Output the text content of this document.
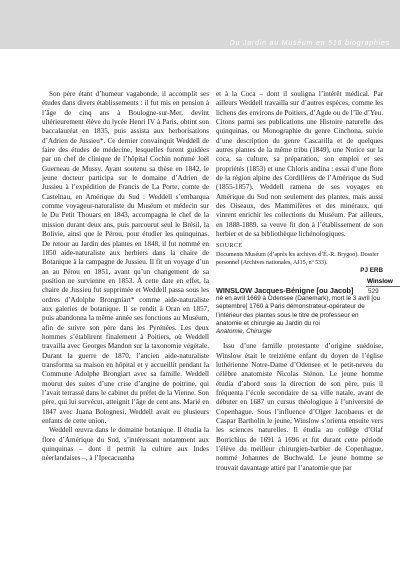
Du Jardin au Muséum en 516 biographies

Son père étant d’humeur vagabonde, il accomplit ses études dans divers établissements : il fut mis en pension à l’âge de cinq ans à Boulogne-sur-Mer, devint ultérieurement élève du lycée Henri IV à Paris, obtint son baccalauréat en 1835, puis assista aux herborisations d’Adrien de Jussieu*. Ce dernier convainquit Weddell de faire des études de médecine, lesquelles furent guidées par un chef de clinique de l’hôpital Cochin nommé Joël Guerneau de Mussy. Ayant soutenu sa thèse en 1842, le jeune docteur participa sur le domaine d’Adrien de Jussieu à l’expédition de Francis de La Porte, comte de Castelnau, en Amérique du Sud : Weddell s’embarqua comme voyageur-naturaliste du Muséum et médecin sur le Du Petit Thouars en 1843, accompagna le chef de la mission durant deux ans, puis parcourut seul le Brésil, la Bolivie, ainsi que le Pérou, pour étudier les quinquinas. De retour au Jardin des plantes en 1848, il fut nommé en 1850 aide-naturaliste aux herbiers dans la chaire de Botanique à la campagne de Jussieu. Il fit un voyage d’un an au Pérou en 1851, avant qu’un changement de sa position ne survienne en 1853. À cette date en effet, la chaire de Jussieu fut supprimée et Weddell passa sous les ordres d’Adolphe Brongniart* comme aide-naturaliste aux galeries de botanique. Il se rendit à Oran en 1857, puis abandonna la même année ses fonctions au Muséum, afin de suivre son père dans les Pyrénées. Les deux hommes s’établirent finalement à Poitiers, où Weddell travailla avec Georges Mandon sur la taxonomie végétale. Durant la guerre de 1870, l’ancien aide-naturaliste transforma sa maison en hôpital et y accueillit pendant la Commune Adolphe Brongiart avec sa famille. Weddell mourut des suites d’une crise d’angine de poitrine, qui l’avait terrassé dans le cabinet du préfet de la Vienne. Son père, qui lui survécut, atteignit l’âge de cent ans. Marié en 1847 avec Juana Bolognesi, Weddell avait eu plusieurs enfants de cette union.

Weddell œuvra dans le domaine botanique. Il étudia la flore d’Amérique du Sud, s’intéressant notamment aux quinquinas – dont il permit la culture aux Indes néerlandaises –, à l’Ipecacuanha

et à la Coca – dont il souligna l’intérêt médical. Par ailleurs Weddell travailla sur d’autres espèces, comme les lichens des environs de Poitiers, d’Agde ou de l’île d’Yeu. Citons parmi ses publications une Histoire naturelle des quinquinas, ou Monographie du genre Cinchona, suivie d’une description du genre Cascarilla et de quelques autres plantes de la même tribu (1849), une Notice sur la coca, sa culture, sa préparation, son emploi et ses propriétés (1853) et une Chloris andina : essai d’une flore de la région alpine des Cordillères de l’Amérique du Sud (1855-1857). Weddell ramena de ses voyages en Amérique du Sud non seulement des plantes, mais aussi des Oiseaux, des Mammifères et des minéraux, qui vinrent enrichir les collections du Muséum. Par ailleurs, en 1888-1889, sa veuve fit don à l’établissement de son herbier et de sa bibliothèque lichénologiques.

SOURCE
Documents Muséum (d’après les archives d’É.-R. Brygoo). Dossier personnel (Archives nationales, AJ15, nº 533).
PJ ERB
WINSLOW Jacques-Bénigne [ou Jacob]
né en avril 1669 à Odensee (Danemark), mort le 3 avril [ou septembre] 1760 à Paris démonstrateur-opérateur de l’intérieur des plantes sous le titre de professeur en anatomie et chirurgie au Jardin du roi
Anatomie, Chirurgie

Issu d’une famille protestante d’origine suédoise, Winslow était le treizième enfant du doyen de l’église luthérienne Notre-Dame d’Odensee et le petit-neveu du célèbre anatomiste Nicolas Sténon. Le jeune homme étudia d’abord sous la direction de son père, puis il fréquenta l’école secondaire de sa ville natale, avant de débuter en 1687 un cursus théologique à l’université de Copenhague. Sous l’influence d’Olger Jacobaeus et de Caspar Bartholin le jeune, Winslow s’orienta ensuite vers les sciences naturelles. Il étudia au collège d’Olaf Borrichius de 1691 à 1696 et fut durant cette période l’élève du meilleur chirurgien-barbier de Copenhague, nommé Johannes de Buchwald. Le jeune homme se trouvait davantage attiré par l’anatomie que par

Winslow
529
